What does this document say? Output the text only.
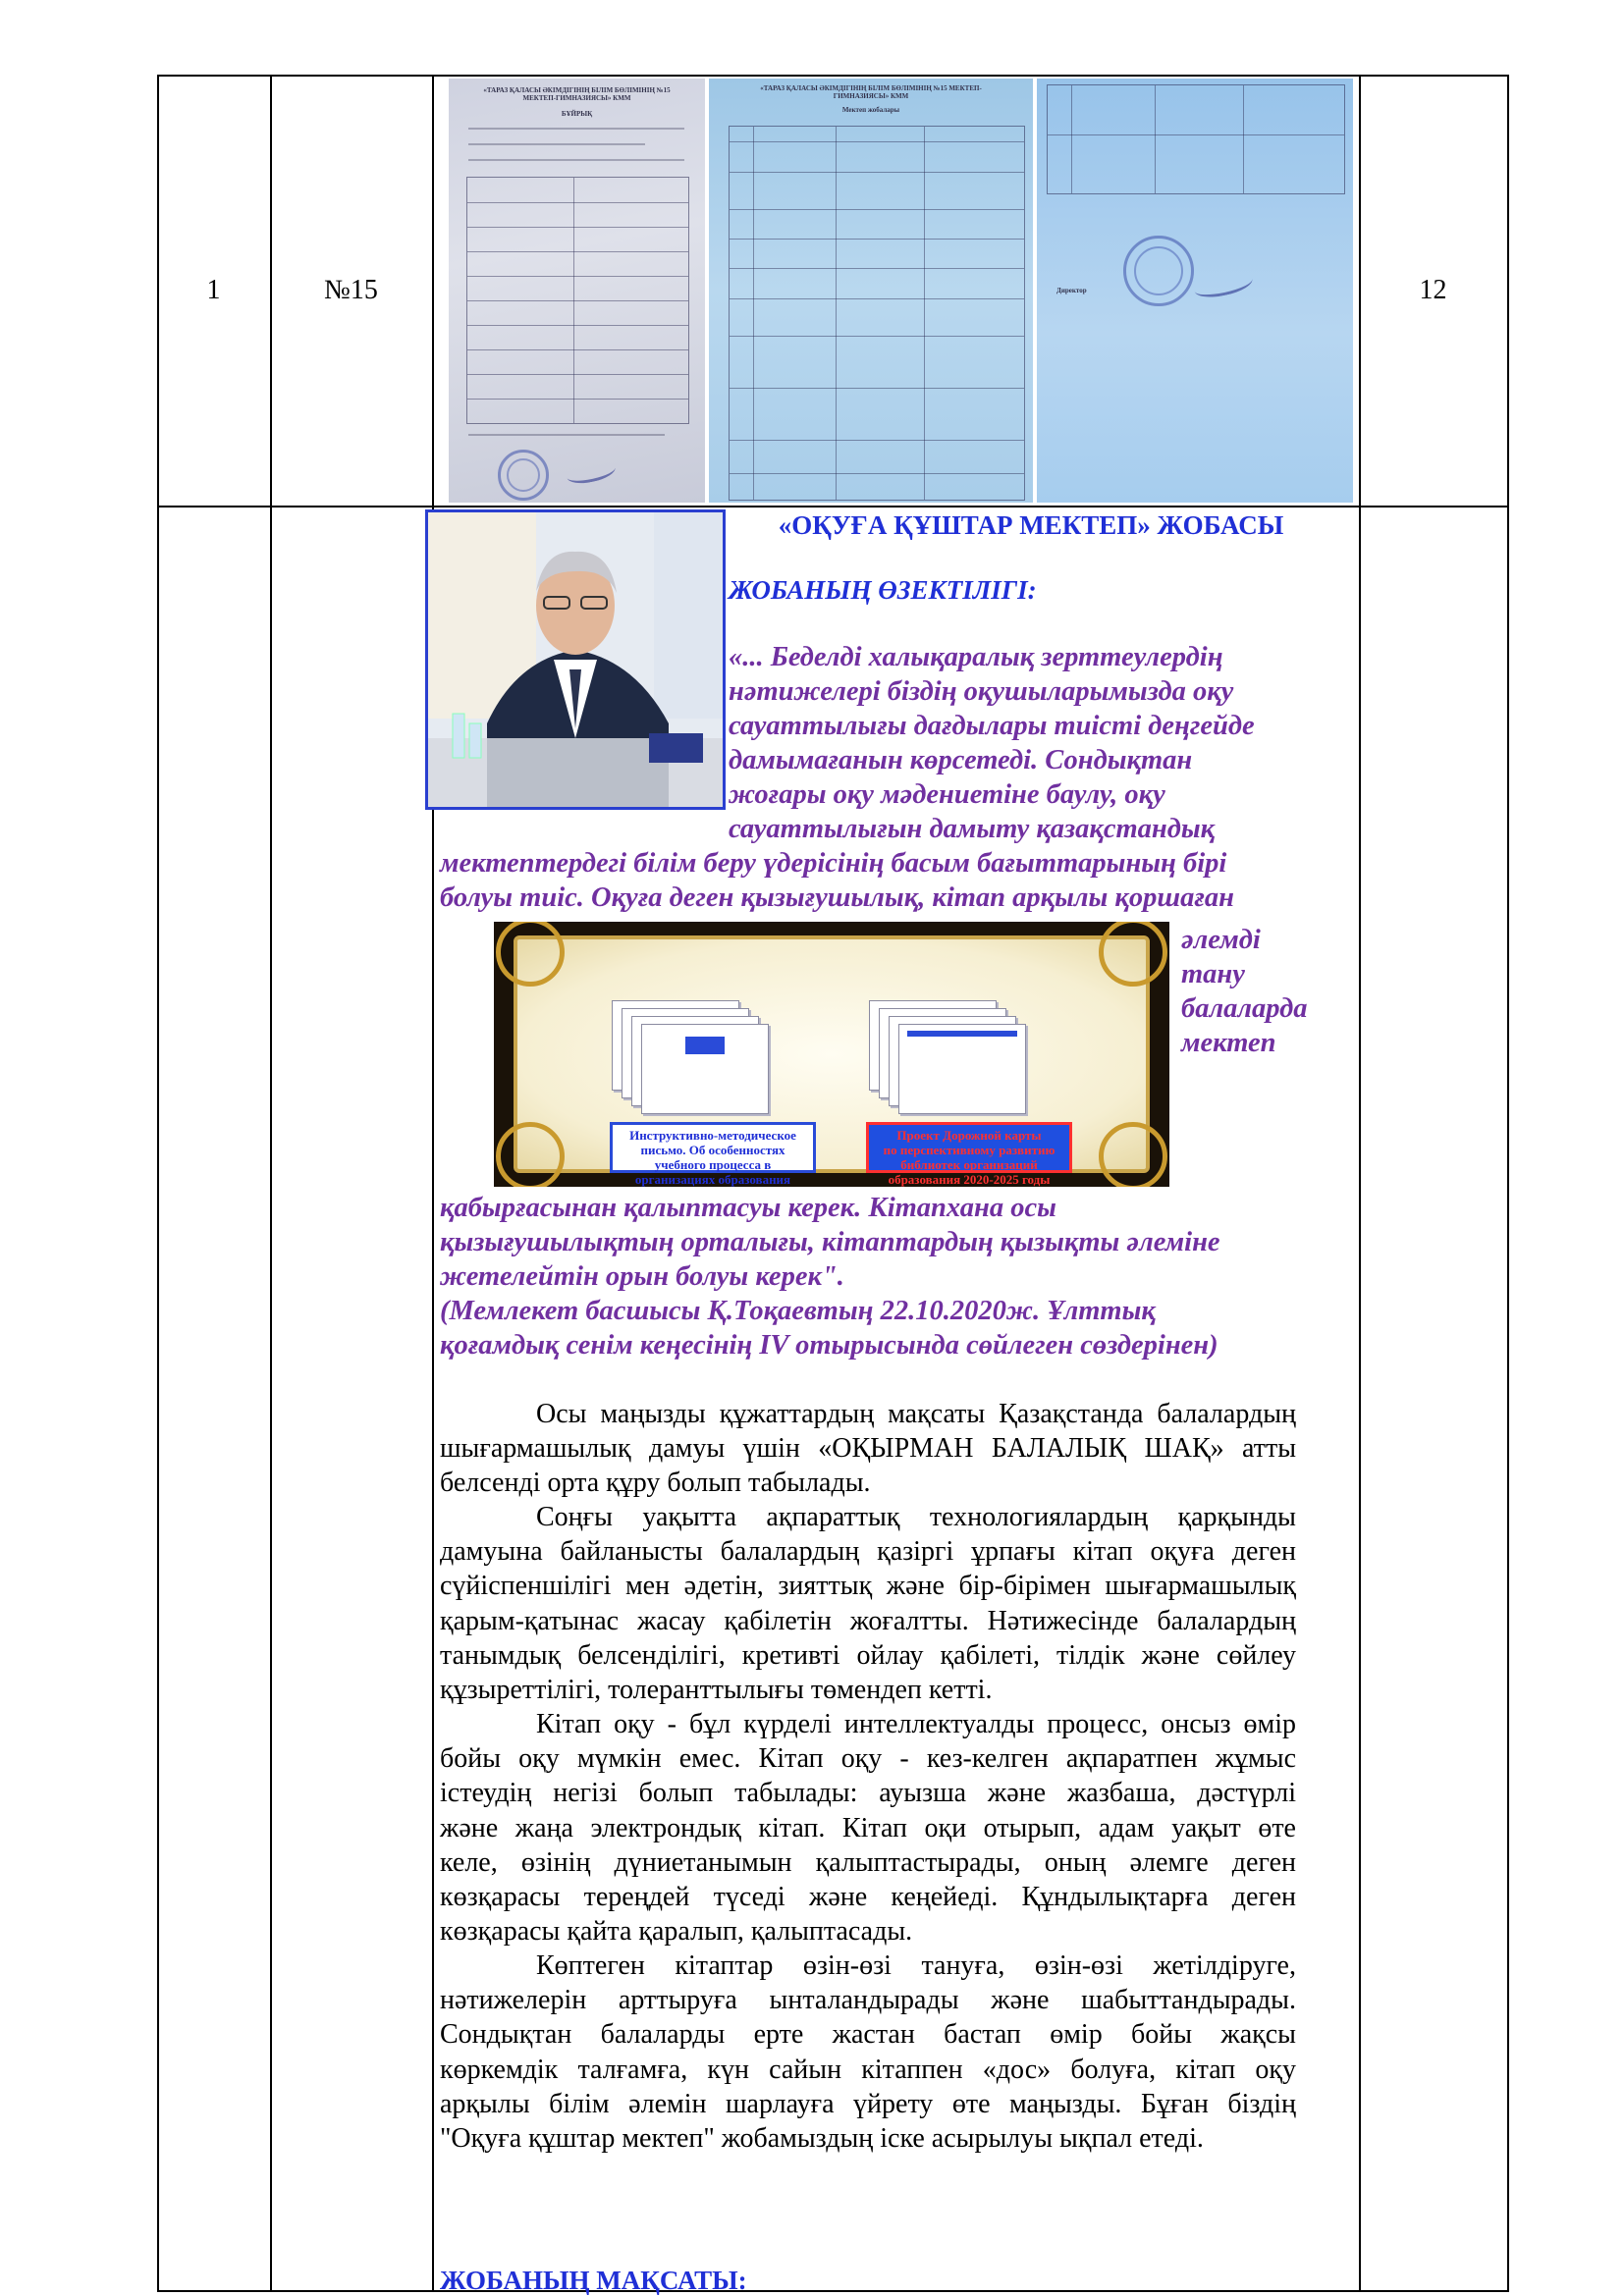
1	№15	12
«ТАРАЗ ҚАЛАСЫ ӘКІМДІГІНІҢ БІЛІМ БӨЛІМІНІҢ №15 МЕКТЕП-ГИМНАЗИЯСЫ» КММ
БҰЙРЫҚ
«ТАРАЗ ҚАЛАСЫ ӘКІМДІГІНІҢ БІЛІМ БӨЛІМІНІҢ №15 МЕКТЕП-ГИМНАЗИЯСЫ» КММ
Мектеп жобалары
Директор
«ОҚУҒА ҚҰШТАР МЕКТЕП» ЖОБАСЫ
ЖОБАНЫҢ ӨЗЕКТІЛІГІ:
«... Беделді халықаралық зерттеулердің
нәтижелері біздің оқушыларымызда оқу
сауаттылығы дағдылары тиісті деңгейде
дамымағанын көрсетеді. Сондықтан
жоғары оқу мәдениетіне баулу, оқу
сауаттылығын дамыту қазақстандық
мектептердегі білім беру үдерісінің басым бағыттарының бірі
болуы тиіс. Оқуға деген қызығушылық, кітап арқылы қоршаған
Инструктивно-методическое
письмо. Об особенностях
учебного процесса в
организациях образования
Проект Дорожной карты
по перспективному развитию
библиотек организаций
образования 2020-2025 годы
әлемді
тану
балаларда
мектеп
қабырғасынан қалыптасуы керек. Кітапхана осы
қызығушылықтың орталығы, кітаптардың қызықты әлеміне
жетелейтін орын болуы керек".
(Мемлекет басшысы Қ.Тоқаевтың 22.10.2020ж. Ұлттық
қоғамдық сенім кеңесінің IV отырысында сөйлеген сөздерінен)
Осы маңызды құжаттардың мақсаты Қазақстанда балалардың
шығармашылық дамуы үшін «ОҚЫРМАН БАЛАЛЫҚ ШАҚ» атты
белсенді орта құру болып табылады.
Соңғы уақытта ақпараттық технологиялардың қарқынды
дамуына байланысты балалардың қазіргі ұрпағы кітап оқуға деген
сүйіспеншілігі мен әдетін, зияттық және бір-бірімен шығармашылық
қарым-қатынас жасау қабілетін жоғалтты. Нәтижесінде балалардың
танымдық белсенділігі, кретивті ойлау қабілеті, тілдік және сөйлеу
құзыреттілігі, толеранттылығы төмендеп кетті.
Кітап оқу - бұл күрделі интеллектуалды процесс, онсыз өмір
бойы оқу мүмкін емес. Кітап оқу - кез-келген ақпаратпен жұмыс
істеудің негізі болып табылады: ауызша және жазбаша, дәстүрлі
және жаңа электрондық кітап. Кітап оқи отырып, адам уақыт өте
келе, өзінің дүниетанымын қалыптастырады, оның әлемге деген
көзқарасы тереңдей түседі және кеңейеді. Құндылықтарға деген
көзқарасы қайта қаралып, қалыптасады.
Көптеген кітаптар өзін-өзі тануға, өзін-өзі жетілдіруге,
нәтижелерін арттыруға ынталандырады және шабыттандырады.
Сондықтан балаларды ерте жастан бастап өмір бойы жақсы
көркемдік талғамға, күн сайын кітаппен «дос» болуға, кітап оқу
арқылы білім әлемін шарлауға үйрету өте маңызды. Бұған біздің
"Оқуға құштар мектеп" жобамыздың іске асырылуы ықпал етеді.
ЖОБАНЫҢ МАҚСАТЫ:
